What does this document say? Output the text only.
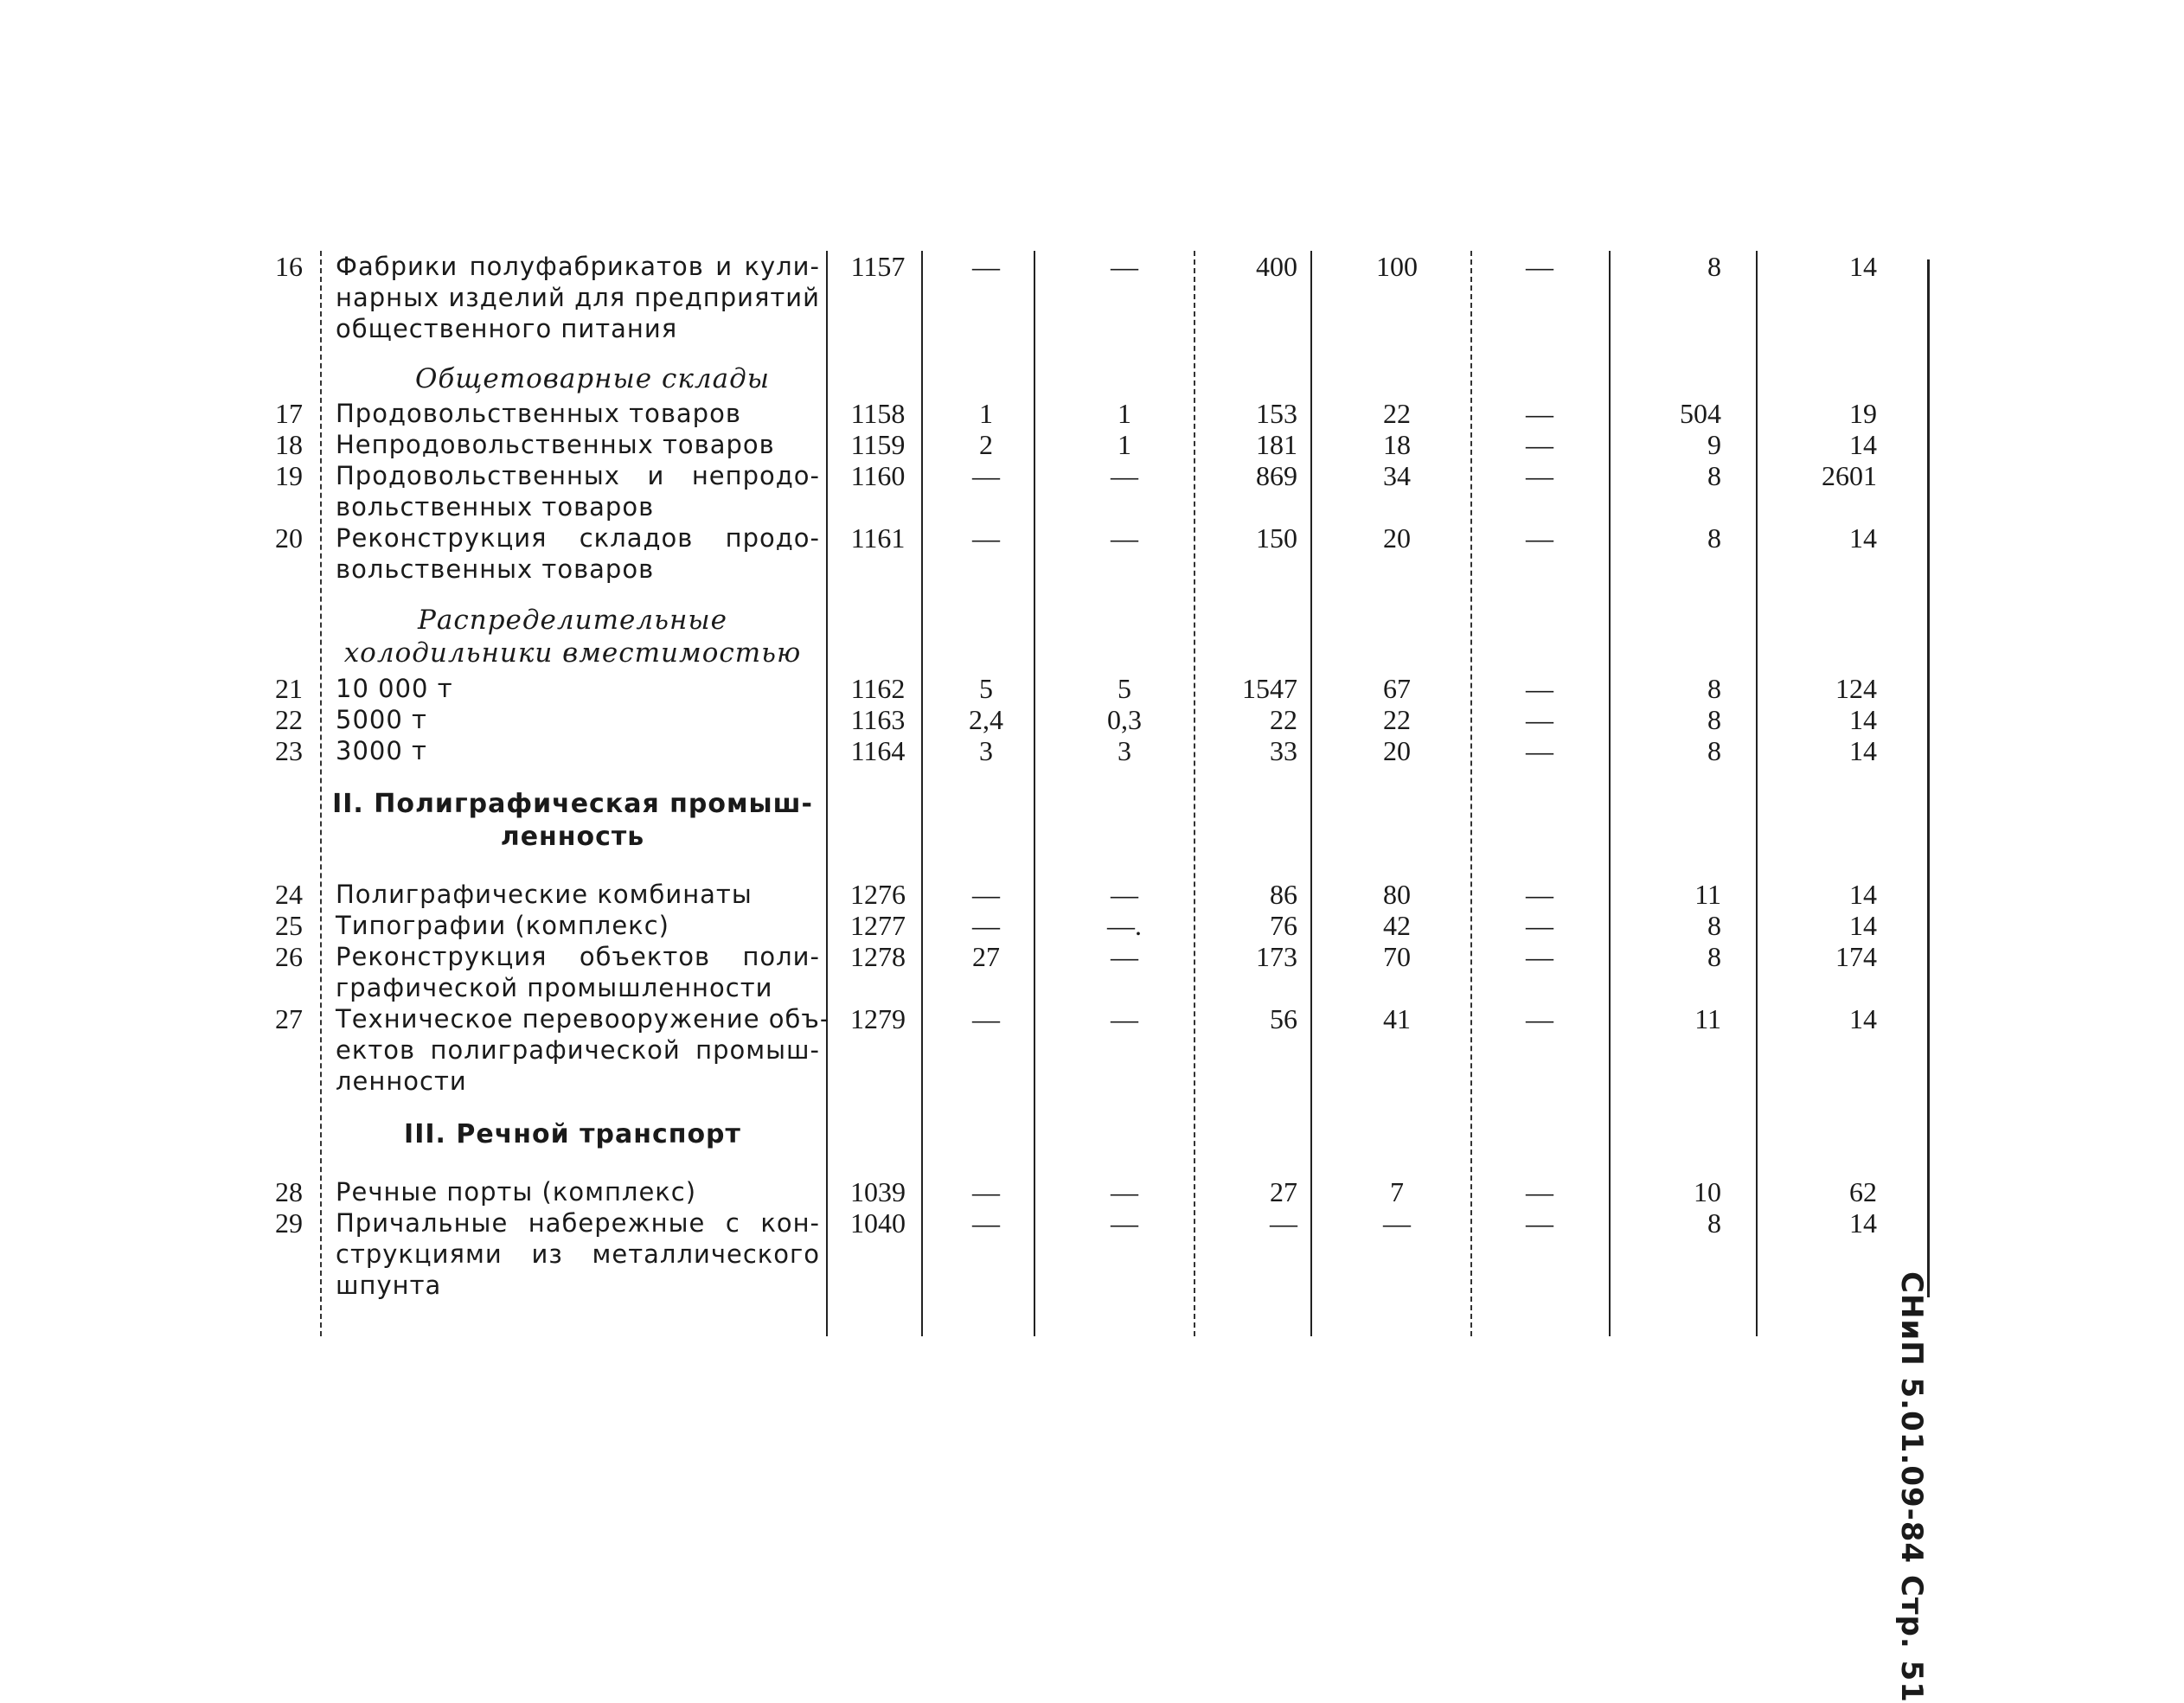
16 Фабрики полуфабрикатов и кули-
нарных изделий для предприятий
общественного питания
1157	—	—	400	100	—	8	14
Общетоварные склады
17 Продовольственных товаров	1158	1	1	153	22	—	504	19
18 Непродовольственных товаров	1159	2	1	181	18	—	9	14
19 Продовольственных и непродо-
вольственных товаров
1160	—	—	869	34	—	8	2601
20 Реконструкция складов продо-
вольственных товаров
1161	—	—	150	20	—	8	14
Распределительные холодильники вместимостью
21 10 000 т	1162	5	5	1547	67	—	8	124
22 5000 т	1163	2,4	0,3	22	22	—	8	14
23 3000 т	1164	3	3	33	20	—	8	14
II. Полиграфическая промыш-
ленность
24 Полиграфические комбинаты	1276	—	—	86	80	—	11	14
25 Типографии (комплекс)	1277	—	—.	76	42	—	8	14
26 Реконструкция объектов поли-
графической промышленности
1278	27	—	173	70	—	8	174
27 Техническое перевооружение объ-
ектов полиграфической промыш-
ленности
1279	—	—	56	41	—	11	14
III. Речной транспорт
28 Речные порты (комплекс)	1039	—	—	27	7	—	10	62
29 Причальные набережные с кон-
струкциями из металлического
шпунта
1040	—	—	—	—	—	8	14
СНиП 5.01.09-84 Стр. 51
